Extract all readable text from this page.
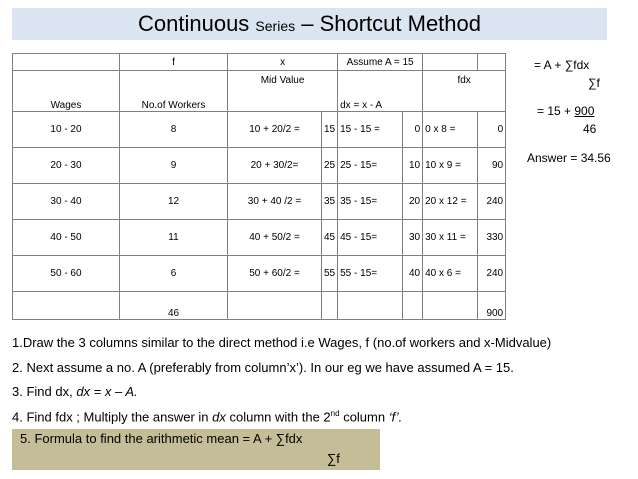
Continuous Series – Shortcut Method
	f	x		Assume A = 15			
Wages	No.of Workers	Mid Value		dx = x - A		fdx	
10 - 20	8	10 + 20/2 =	15	15 - 15 =	0	0 x 8 =	0
20 - 30	9	20 + 30/2=	25	25 - 15=	10	10 x 9 =	90
30 - 40	12	30 + 40 /2 =	35	35 - 15=	20	20 x 12 =	240
40 - 50	11	40 + 50/2 =	45	45 - 15=	30	30 x 11 =	330
50 - 60	6	50 + 60/2 =	55	55 - 15=	40	40 x 6 =	240
	46						900
= A + ∑fdx
∑f
= 15 + 900
46
Answer = 34.56
1.Draw the 3 columns similar to the direct method i.e Wages, f (no.of workers and x-Midvalue)
2. Next assume a no. A (preferably from column’x’). In our eg we have assumed A = 15.
3. Find dx, dx = x – A.
4. Find fdx ; Multiply the answer in dx column with the 2nd column ‘f’.
5. Formula to find the arithmetic mean = A + ∑fdx
∑f
